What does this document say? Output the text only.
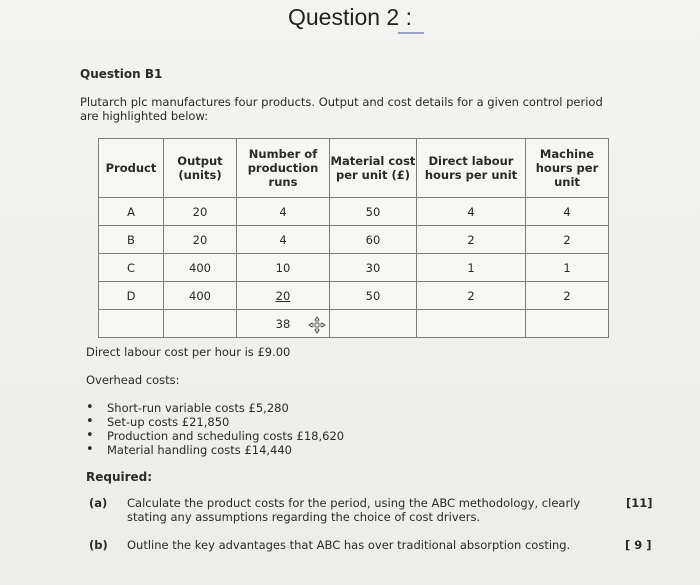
Question 2 :
Question B1
Plutarch plc manufactures four products. Output and cost details for a given control period are highlighted below:
Product	Output (units)	Number of production runs	Material cost per unit (£)	Direct labour hours per unit	Machine hours per unit
A	20	4	50	4	4
B	20	4	60	2	2
C	400	10	30	1	1
D	400	20	50	2	2
		38			
Direct labour cost per hour is £9.00
Overhead costs:
• Short-run variable costs £5,280
• Set-up costs £21,850
• Production and scheduling costs £18,620
• Material handling costs £14,440
Required:
(a) Calculate the product costs for the period, using the ABC methodology, clearly stating any assumptions regarding the choice of cost drivers.
[11]
(b) Outline the key advantages that ABC has over traditional absorption costing.	[ 9 ]
